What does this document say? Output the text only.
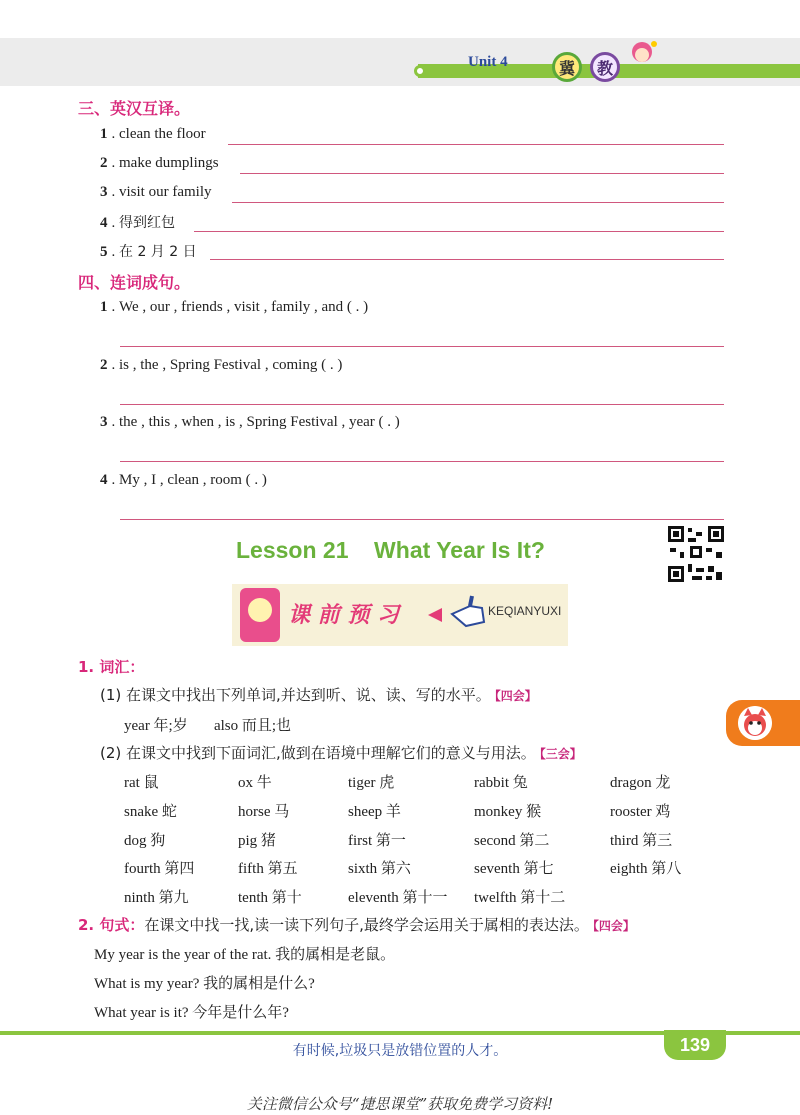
Unit 4	冀	教
三、英汉互译。
1 . clean the floor
2 . make dumplings
3 . visit our family
4 . 得到红包
5 . 在 2 月 2 日
四、连词成句。
1 . We , our , friends , visit , family , and ( . )
2 . is , the , Spring Festival , coming ( . )
3 . the , this , when , is , Spring Festival , year ( . )
4 . My , I , clean , room ( . )
Lesson 21    What Year Is It?
课 前 预 习	KEQIANYUXI
1. 词汇：
(1) 在课文中找出下列单词,并达到听、说、读、写的水平。 【四会】
year 年;岁       also 而且;也
(2) 在课文中找到下面词汇,做到在语境中理解它们的意义与用法。 【三会】
rat 鼠	ox 牛	tiger 虎	rabbit 兔	dragon 龙
snake 蛇	horse 马	sheep 羊	monkey 猴	rooster 鸡
dog 狗	pig 猪	first 第一	second 第二	third 第三
fourth 第四	fifth 第五	sixth 第六	seventh 第七	eighth 第八
ninth 第九	tenth 第十	eleventh 第十一 twelfth 第十二
2. 句式：在课文中找一找,读一读下列句子,最终学会运用关于属相的表达法。 【四会】
My year is the year of the rat. 我的属相是老鼠。
What is my year? 我的属相是什么?
What year is it? 今年是什么年?
有时候,垃圾只是放错位置的人才。	139
关注微信公众号“捷思课堂”获取免费学习资料!
